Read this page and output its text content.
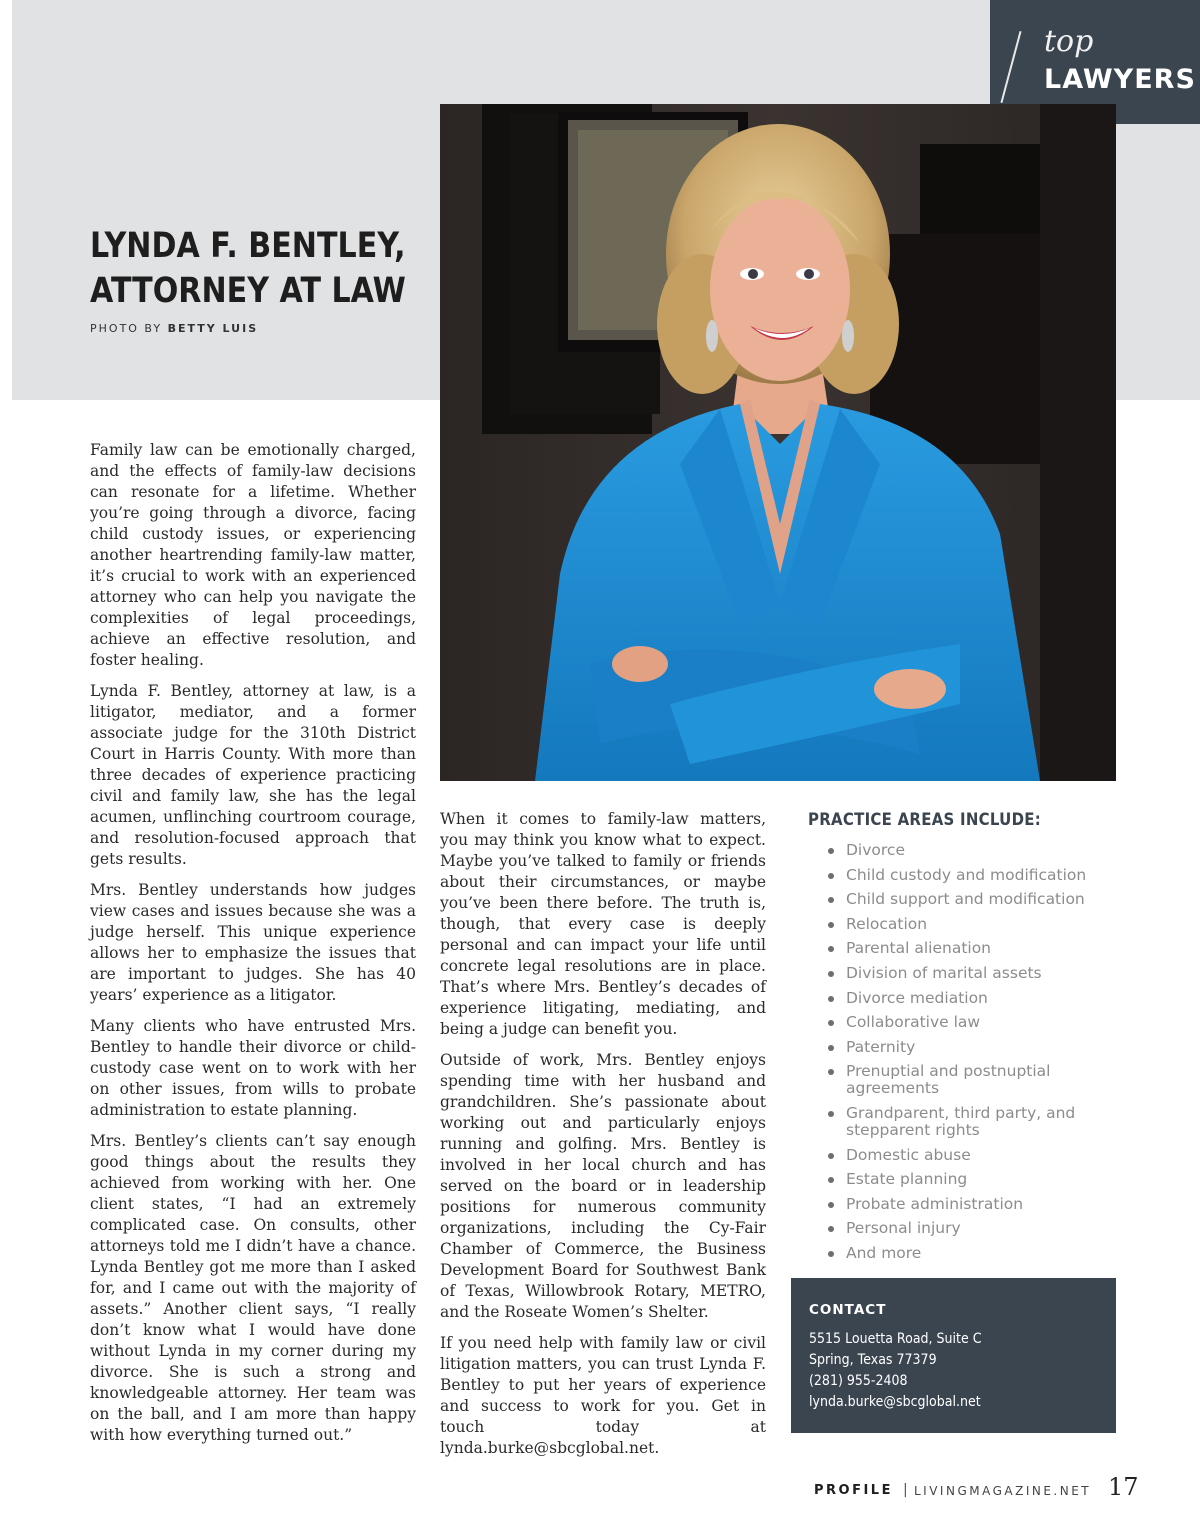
top
LAWYERS
LYNDA F. BENTLEY,
ATTORNEY AT LAW
PHOTO BY BETTY LUIS

Family law can be emotionally charged, and the effects of family-law decisions can resonate for a lifetime. Whether you’re going through a divorce, facing child custody issues, or experiencing another heartrending family-law matter, it’s crucial to work with an experienced attorney who can help you navigate the complexities of legal proceedings, achieve an effective resolution, and foster healing.

Lynda F. Bentley, attorney at law, is a litigator, mediator, and a former associate judge for the 310th District Court in Harris County. With more than three decades of experience practicing civil and family law, she has the legal acumen, unflinching courtroom courage, and resolution-focused approach that gets results.

Mrs. Bentley understands how judges view cases and issues because she was a judge herself. This unique experience allows her to emphasize the issues that are important to judges. She has 40 years’ experience as a litigator.

Many clients who have entrusted Mrs. Bentley to handle their divorce or child-custody case went on to work with her on other issues, from wills to probate administration to estate planning.

Mrs. Bentley’s clients can’t say enough good things about the results they achieved from working with her. One client states, “I had an extremely complicated case. On consults, other attorneys told me I didn’t have a chance. Lynda Bentley got me more than I asked for, and I came out with the majority of assets.” Another client says, “I really don’t know what I would have done without Lynda in my corner during my divorce. She is such a strong and knowledgeable attorney. Her team was on the ball, and I am more than happy with how everything turned out.”

When it comes to family-law matters, you may think you know what to expect. Maybe you’ve talked to family or friends about their circumstances, or maybe you’ve been there before. The truth is, though, that every case is deeply personal and can impact your life until concrete legal resolutions are in place. That’s where Mrs. Bentley’s decades of experience litigating, mediating, and being a judge can benefit you.

Outside of work, Mrs. Bentley enjoys spending time with her husband and grandchildren. She’s passionate about working out and particularly enjoys running and golfing. Mrs. Bentley is involved in her local church and has served on the board or in leadership positions for numerous community organizations, including the Cy-Fair Chamber of Commerce, the Business Development Board for Southwest Bank of Texas, Willowbrook Rotary, METRO, and the Roseate Women’s Shelter.

If you need help with family law or civil litigation matters, you can trust Lynda F. Bentley to put her years of experience and success to work for you. Get in touch today at lynda.burke@sbcglobal.net.

PRACTICE AREAS INCLUDE:
Divorce
Child custody and modification
Child support and modification
Relocation
Parental alienation
Division of marital assets
Divorce mediation
Collaborative law
Paternity
Prenuptial and postnuptial agreements
Grandparent, third party, and stepparent rights
Domestic abuse
Estate planning
Probate administration
Personal injury
And more
CONTACT
5515 Louetta Road, Suite C
Spring, Texas 77379
(281) 955-2408
lynda.burke@sbcglobal.net
PROFILE | LIVINGMAGAZINE.NET 17
